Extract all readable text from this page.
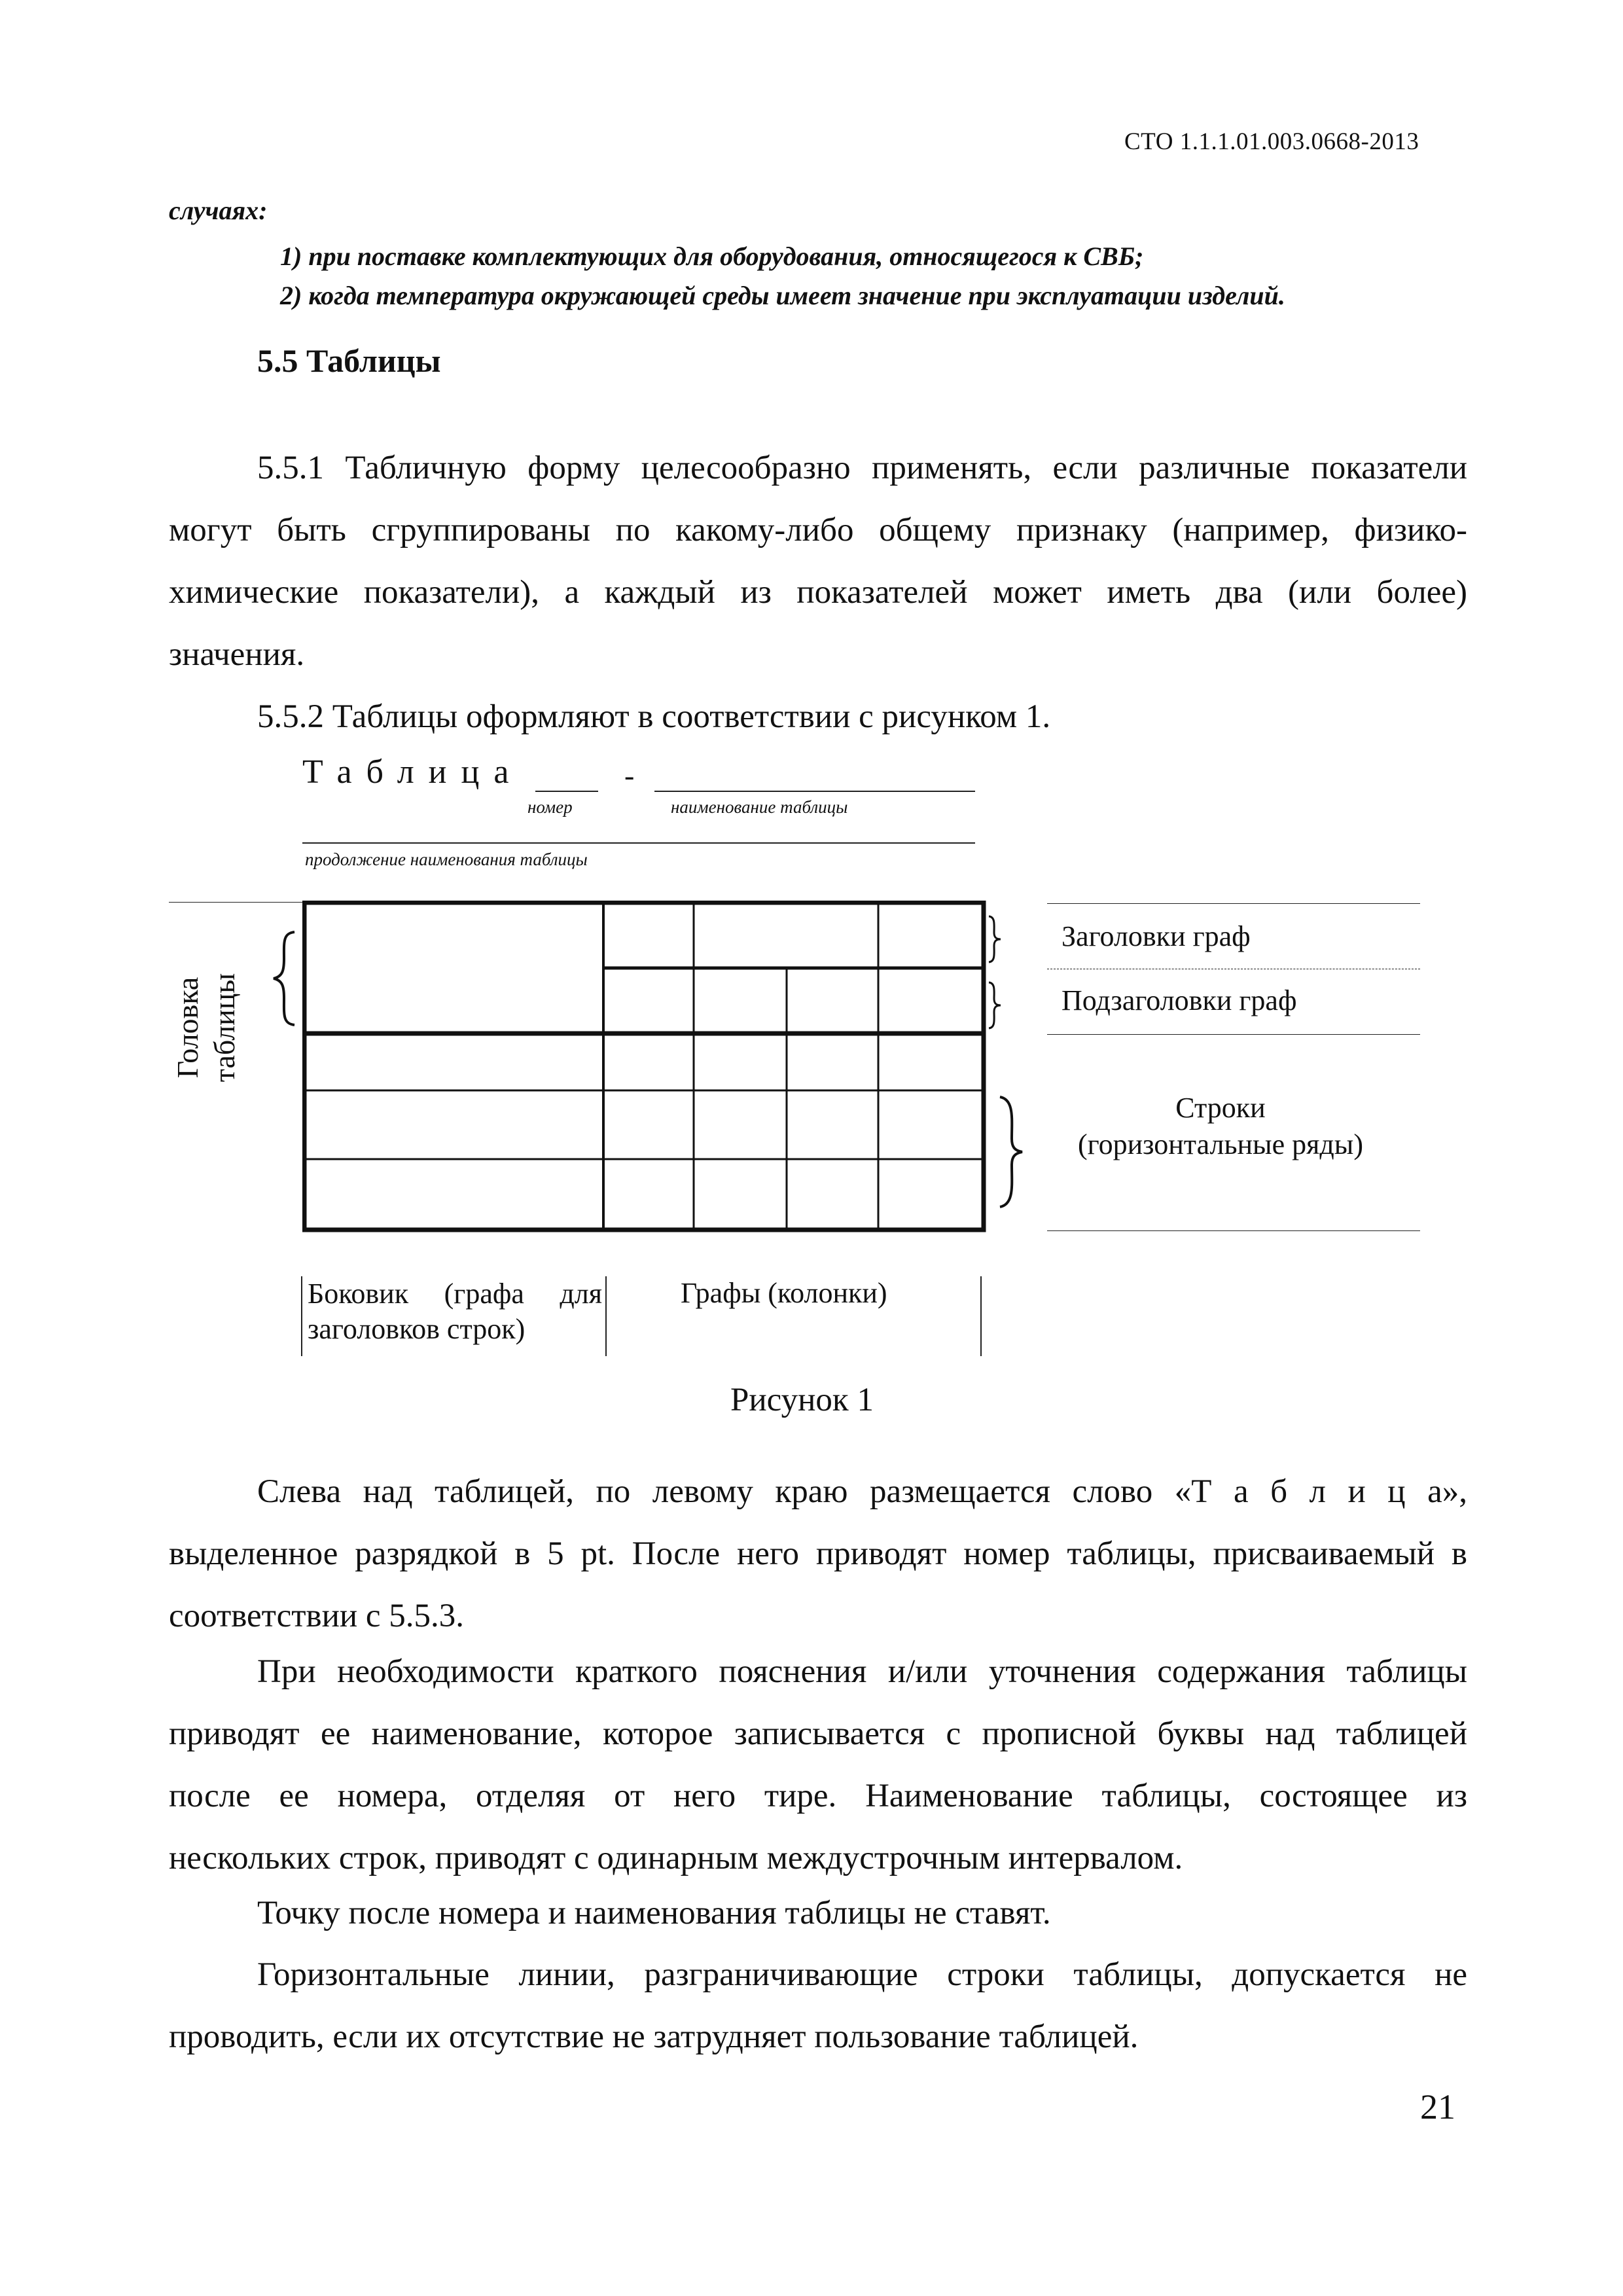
СТО 1.1.1.01.003.0668-2013
случаях:
1) при поставке комплектующих для оборудования, относящегося к СВБ;
2) когда температура окружающей среды имеет значение при эксплуатации изделий.
5.5 Таблицы
5.5.1 Табличную форму целесообразно применять, если различные показатели
могут быть сгруппированы по какому-либо общему признаку (например, физико-
химические показатели), а каждый из показателей может иметь два (или более)
значения.
5.5.2 Таблицы оформляют в соответствии с рисунком 1.
Таблица	-
номер	наименование таблицы
продолжение наименования таблицы
Головка таблицы
Заголовки граф
Подзаголовки граф
Строки
(горизонтальные ряды)
Боковик (графа для
заголовков строк)
Графы (колонки)
Рисунок 1
Слева над таблицей, по левому краю размещается слово «Т а б л и ц а»,
выделенное разрядкой в 5 pt. После него приводят номер таблицы, присваиваемый в
соответствии с 5.5.3.
При необходимости краткого пояснения и/или уточнения содержания таблицы
приводят ее наименование, которое записывается с прописной буквы над таблицей
после ее номера, отделяя от него тире. Наименование таблицы, состоящее из
нескольких строк, приводят с одинарным междустрочным интервалом.
Точку после номера и наименования таблицы не ставят.
Горизонтальные линии, разграничивающие строки таблицы, допускается не
проводить, если их отсутствие не затрудняет пользование таблицей.
21
